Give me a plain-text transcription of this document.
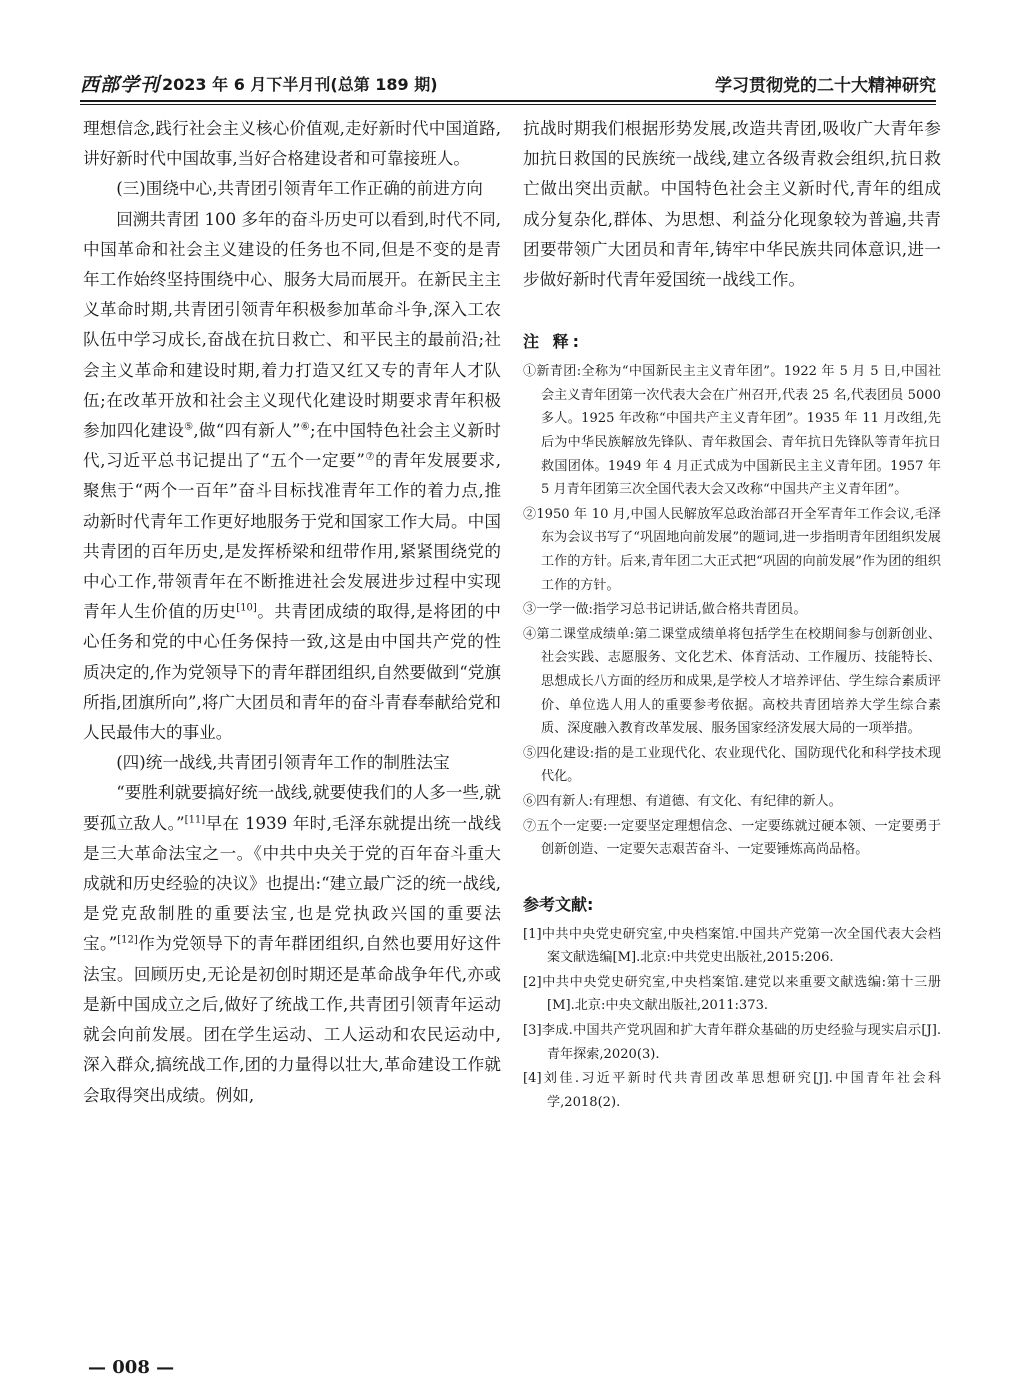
西部学刊 2023 年 6 月下半月刊(总第 189 期)	学习贯彻党的二十大精神研究

理想信念,践行社会主义核心价值观,走好新时代中国道路,讲好新时代中国故事,当好合格建设者和可靠接班人。

(三)围绕中心,共青团引领青年工作正确的前进方向

回溯共青团 100 多年的奋斗历史可以看到,时代不同,中国革命和社会主义建设的任务也不同,但是不变的是青年工作始终坚持围绕中心、服务大局而展开。在新民主主义革命时期,共青团引领青年积极参加革命斗争,深入工农队伍中学习成长,奋战在抗日救亡、和平民主的最前沿;社会主义革命和建设时期,着力打造又红又专的青年人才队伍;在改革开放和社会主义现代化建设时期要求青年积极参加四化建设⑤,做“四有新人”⑥;在中国特色社会主义新时代,习近平总书记提出了“五个一定要”⑦的青年发展要求,聚焦于“两个一百年”奋斗目标找准青年工作的着力点,推动新时代青年工作更好地服务于党和国家工作大局。中国共青团的百年历史,是发挥桥梁和纽带作用,紧紧围绕党的中心工作,带领青年在不断推进社会发展进步过程中实现青年人生价值的历史[10]。共青团成绩的取得,是将团的中心任务和党的中心任务保持一致,这是由中国共产党的性质决定的,作为党领导下的青年群团组织,自然要做到“党旗所指,团旗所向”,将广大团员和青年的奋斗青春奉献给党和人民最伟大的事业。

(四)统一战线,共青团引领青年工作的制胜法宝

“要胜利就要搞好统一战线,就要使我们的人多一些,就要孤立敌人。”[11]早在 1939 年时,毛泽东就提出统一战线是三大革命法宝之一。《中共中央关于党的百年奋斗重大成就和历史经验的决议》也提出:“建立最广泛的统一战线,是党克敌制胜的重要法宝,也是党执政兴国的重要法宝。”[12]作为党领导下的青年群团组织,自然也要用好这件法宝。回顾历史,无论是初创时期还是革命战争年代,亦或是新中国成立之后,做好了统战工作,共青团引领青年运动就会向前发展。团在学生运动、工人运动和农民运动中,深入群众,搞统战工作,团的力量得以壮大,革命建设工作就会取得突出成绩。例如,

抗战时期我们根据形势发展,改造共青团,吸收广大青年参加抗日救国的民族统一战线,建立各级青救会组织,抗日救亡做出突出贡献。中国特色社会主义新时代,青年的组成成分复杂化,群体、为思想、利益分化现象较为普遍,共青团要带领广大团员和青年,铸牢中华民族共同体意识,进一步做好新时代青年爱国统一战线工作。

注 释:

①新青团:全称为“中国新民主主义青年团”。1922 年 5 月 5 日,中国社会主义青年团第一次代表大会在广州召开,代表 25 名,代表团员 5000 多人。1925 年改称“中国共产主义青年团”。1935 年 11 月改组,先后为中华民族解放先锋队、青年救国会、青年抗日先锋队等青年抗日救国团体。1949 年 4 月正式成为中国新民主主义青年团。1957 年 5 月青年团第三次全国代表大会又改称“中国共产主义青年团”。

②1950 年 10 月,中国人民解放军总政治部召开全军青年工作会议,毛泽东为会议书写了“巩固地向前发展”的题词,进一步指明青年团组织发展工作的方针。后来,青年团二大正式把“巩固的向前发展”作为团的组织工作的方针。

③一学一做:指学习总书记讲话,做合格共青团员。

④第二课堂成绩单:第二课堂成绩单将包括学生在校期间参与创新创业、社会实践、志愿服务、文化艺术、体育活动、工作履历、技能特长、思想成长八方面的经历和成果,是学校人才培养评估、学生综合素质评价、单位选人用人的重要参考依据。高校共青团培养大学生综合素质、深度融入教育改革发展、服务国家经济发展大局的一项举措。

⑤四化建设:指的是工业现代化、农业现代化、国防现代化和科学技术现代化。

⑥四有新人:有理想、有道德、有文化、有纪律的新人。

⑦五个一定要:一定要坚定理想信念、一定要练就过硬本领、一定要勇于创新创造、一定要矢志艰苦奋斗、一定要锤炼高尚品格。

参考文献:

[1]中共中央党史研究室,中央档案馆.中国共产党第一次全国代表大会档案文献选编[M].北京:中共党史出版社,2015:206.

[2]中共中央党史研究室,中央档案馆.建党以来重要文献选编:第十三册[M].北京:中央文献出版社,2011:373.

[3]李成.中国共产党巩固和扩大青年群众基础的历史经验与现实启示[J].青年探索,2020(3).

[4]刘佳.习近平新时代共青团改革思想研究[J].中国青年社会科学,2018(2).

— 008 —
